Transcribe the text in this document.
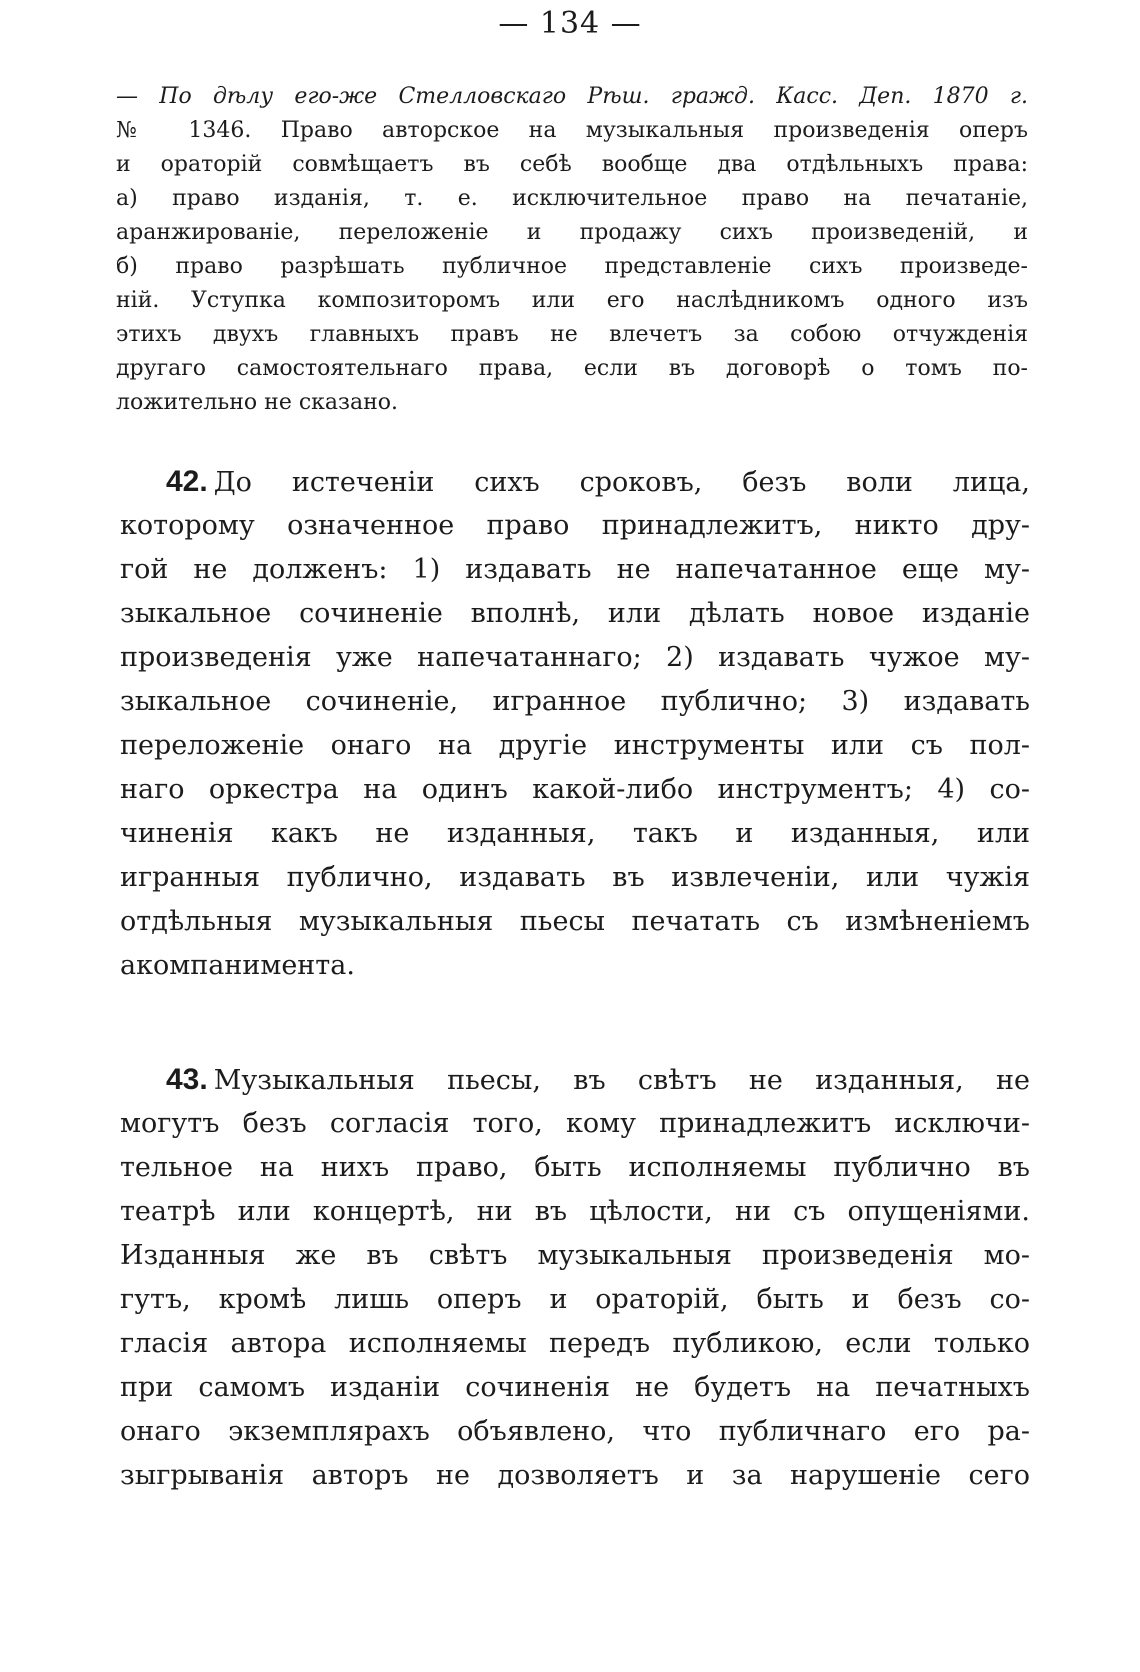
— 134 —
— По дѣлу его-же Стелловскаго Рѣш. гражд. Касс. Деп. 1870 г.
№ 1346. Право авторское на музыкальныя произведенія оперъ
и ораторій совмѣщаетъ въ себѣ вообще два отдѣльныхъ права:
а) право изданія, т. е. исключительное право на печатаніе,
аранжированіе, переложеніе и продажу сихъ произведеній, и
б) право разрѣшать публичное представленіе сихъ произведе-
ній. Уступка композиторомъ или его наслѣдникомъ одного изъ
этихъ двухъ главныхъ правъ не влечетъ за собою отчужденія
другаго самостоятельнаго права, если въ договорѣ о томъ по-
ложительно не сказано.
42. До истеченіи сихъ сроковъ, безъ воли лица,
которому означенное право принадлежитъ, никто дру-
гой не долженъ: 1) издавать не напечатанное еще му-
зыкальное сочиненіе вполнѣ, или дѣлать новое изданіе
произведенія уже напечатаннаго; 2) издавать чужое му-
зыкальное сочиненіе, игранное публично; 3) издавать
переложеніе онаго на другіе инструменты или съ пол-
наго оркестра на одинъ какой-либо инструментъ; 4) со-
чиненія какъ не изданныя, такъ и изданныя, или
игранныя публично, издавать въ извлеченіи, или чужія
отдѣльныя музыкальныя пьесы печатать съ измѣненіемъ
акомпанимента.
43. Музыкальныя пьесы, въ свѣтъ не изданныя, не
могутъ безъ согласія того, кому принадлежитъ исключи-
тельное на нихъ право, быть исполняемы публично въ
театрѣ или концертѣ, ни въ цѣлости, ни съ опущеніями.
Изданныя же въ свѣтъ музыкальныя произведенія мо-
гутъ, кромѣ лишь оперъ и ораторій, быть и безъ со-
гласія автора исполняемы передъ публикою, если только
при самомъ изданіи сочиненія не будетъ на печатныхъ
онаго экземплярахъ объявлено, что публичнаго его ра-
зыгрыванія авторъ не дозволяетъ и за нарушеніе сего
